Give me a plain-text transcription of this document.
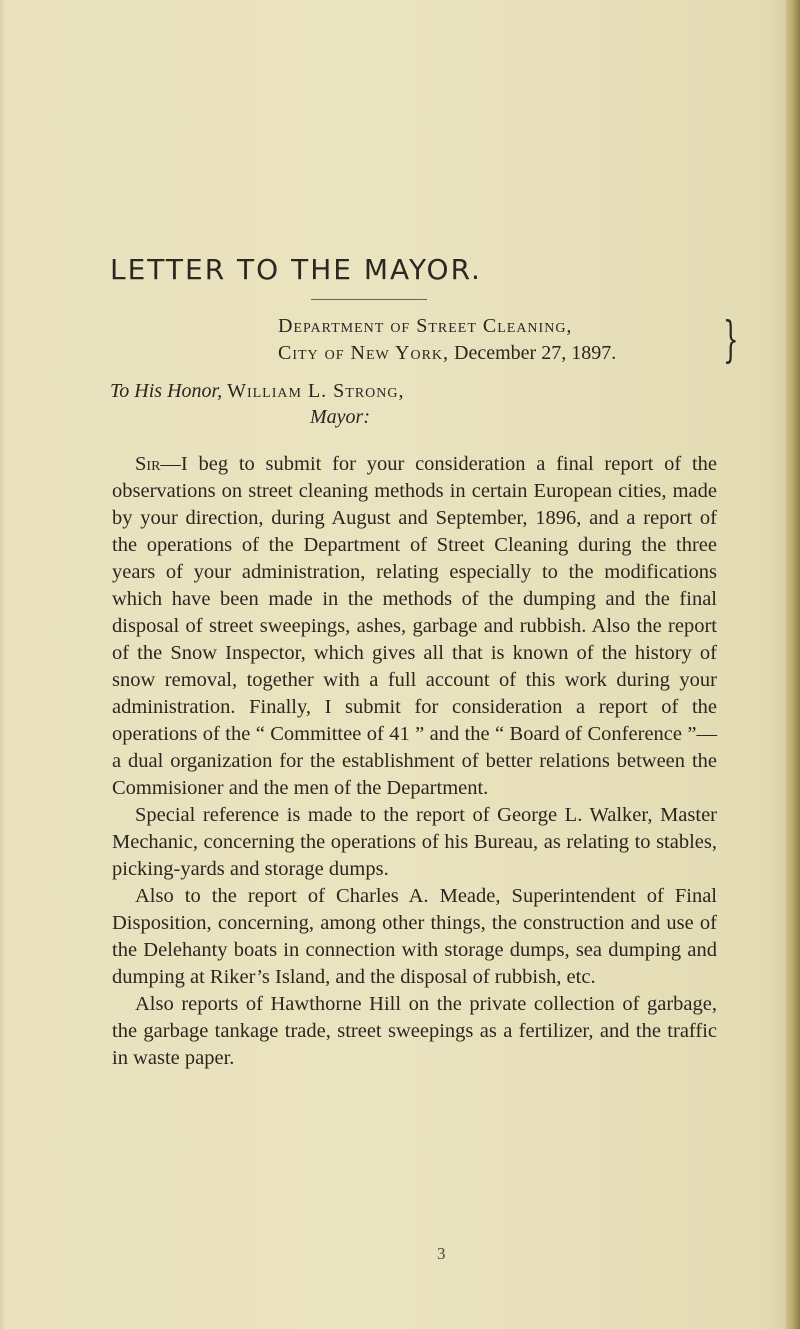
LETTER TO THE MAYOR.
Department of Street Cleaning,
City of New York, December 27, 1897.	}
To His Honor, William L. Strong,
Mayor:

Sir—I beg to submit for your consideration a final report of the observations on street cleaning methods in certain European cities, made by your direction, during August and September, 1896, and a report of the operations of the Department of Street Cleaning during the three years of your administration, relating especially to the modifications which have been made in the methods of the dumping and the final disposal of street sweepings, ashes, garbage and rubbish. Also the report of the Snow Inspector, which gives all that is known of the history of snow removal, together with a full account of this work during your administration. Finally, I submit for consideration a report of the operations of the “ Committee of 41 ” and the “ Board of Conference ”—a dual organization for the establishment of better relations between the Commisioner and the men of the Department.

Special reference is made to the report of George L. Walker, Master Mechanic, concerning the operations of his Bureau, as relating to stables, picking-yards and storage dumps.

Also to the report of Charles A. Meade, Superintendent of Final Disposition, concerning, among other things, the construction and use of the Delehanty boats in connection with storage dumps, sea dumping and dumping at Riker’s Island, and the disposal of rubbish, etc.

Also reports of Hawthorne Hill on the private collection of garbage, the garbage tankage trade, street sweepings as a fertilizer, and the traffic in waste paper.

3
